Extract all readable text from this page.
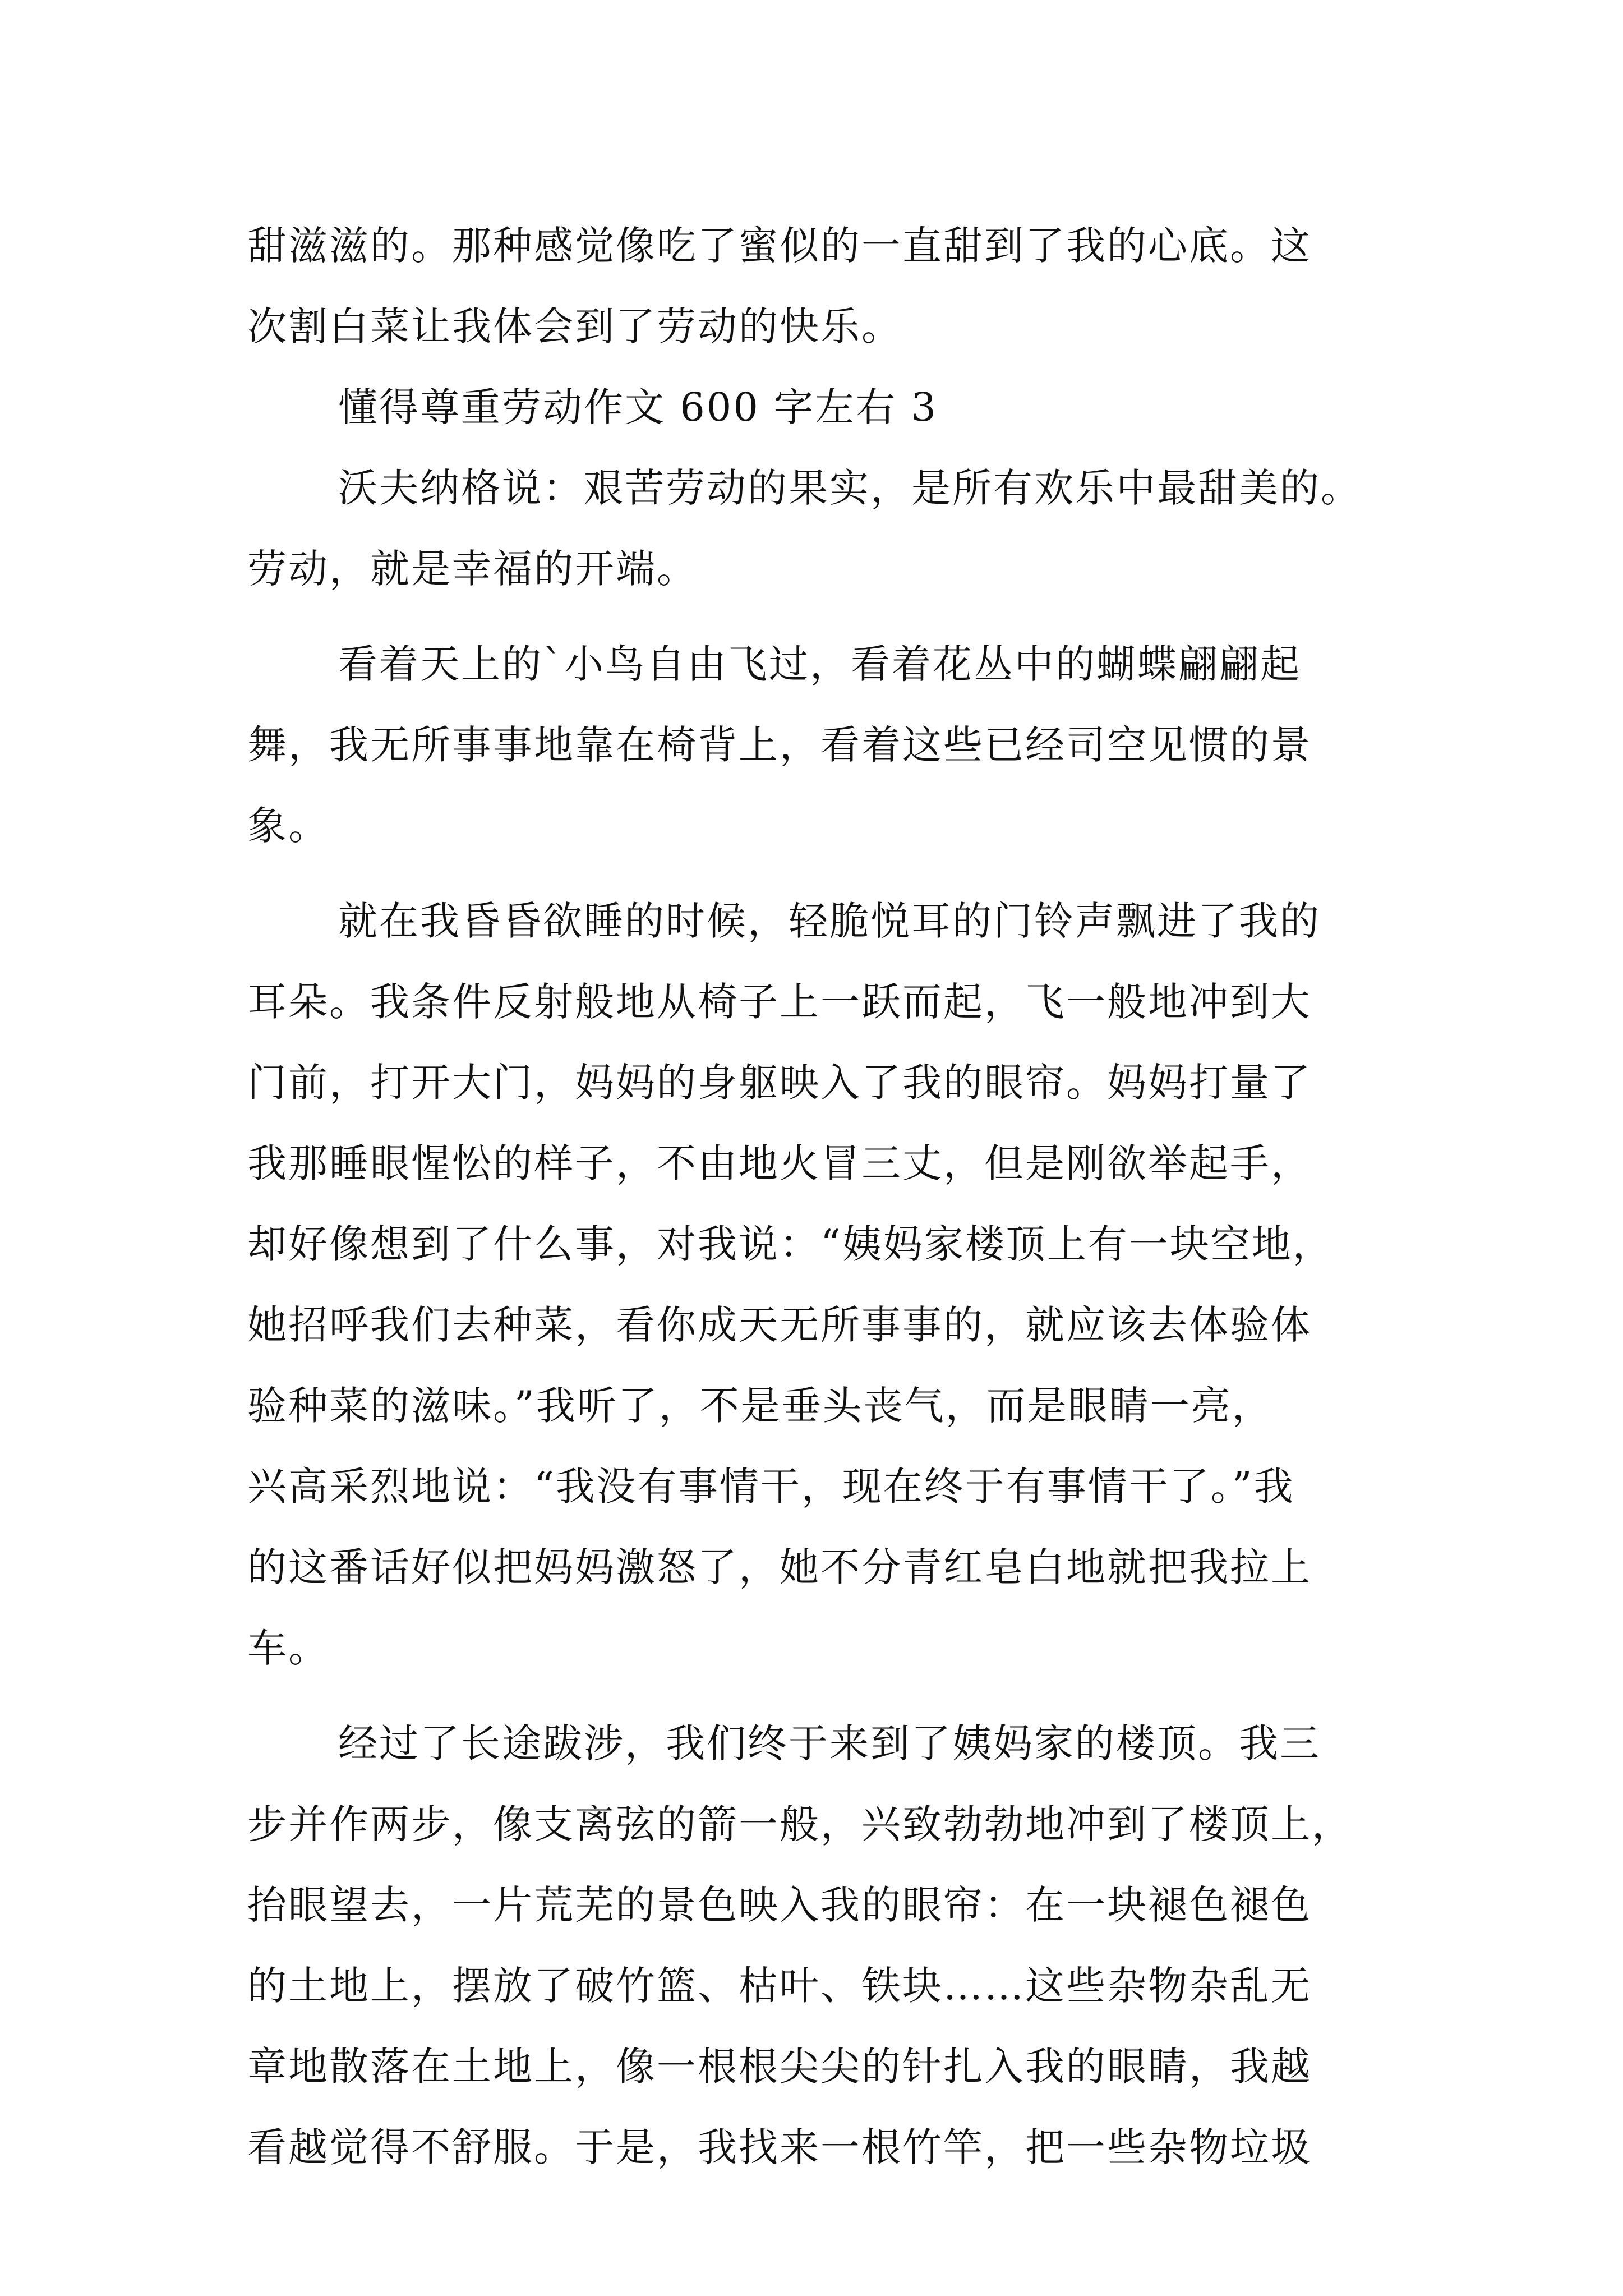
甜滋滋的。那种感觉像吃了蜜似的一直甜到了我的心底。这
次割白菜让我体会到了劳动的快乐。
懂得尊重劳动作文 600 字左右 3
沃夫纳格说：艰苦劳动的果实，是所有欢乐中最甜美的。
劳动，就是幸福的开端。
看着天上的`小鸟自由飞过，看着花丛中的蝴蝶翩翩起
舞，我无所事事地靠在椅背上，看着这些已经司空见惯的景
象。
就在我昏昏欲睡的时候，轻脆悦耳的门铃声飘进了我的
耳朵。我条件反射般地从椅子上一跃而起，飞一般地冲到大
门前，打开大门，妈妈的身躯映入了我的眼帘。妈妈打量了
我那睡眼惺忪的样子，不由地火冒三丈，但是刚欲举起手，
却好像想到了什么事，对我说：“姨妈家楼顶上有一块空地，
她招呼我们去种菜，看你成天无所事事的，就应该去体验体
验种菜的滋味。”我听了，不是垂头丧气，而是眼睛一亮，
兴高采烈地说：“我没有事情干，现在终于有事情干了。”我
的这番话好似把妈妈激怒了，她不分青红皂白地就把我拉上
车。
经过了长途跋涉，我们终于来到了姨妈家的楼顶。我三
步并作两步，像支离弦的箭一般，兴致勃勃地冲到了楼顶上，
抬眼望去，一片荒芜的景色映入我的眼帘：在一块褪色褪色
的土地上，摆放了破竹篮、枯叶、铁块……这些杂物杂乱无
章地散落在土地上，像一根根尖尖的针扎入我的眼睛，我越
看越觉得不舒服。于是，我找来一根竹竿，把一些杂物垃圾
